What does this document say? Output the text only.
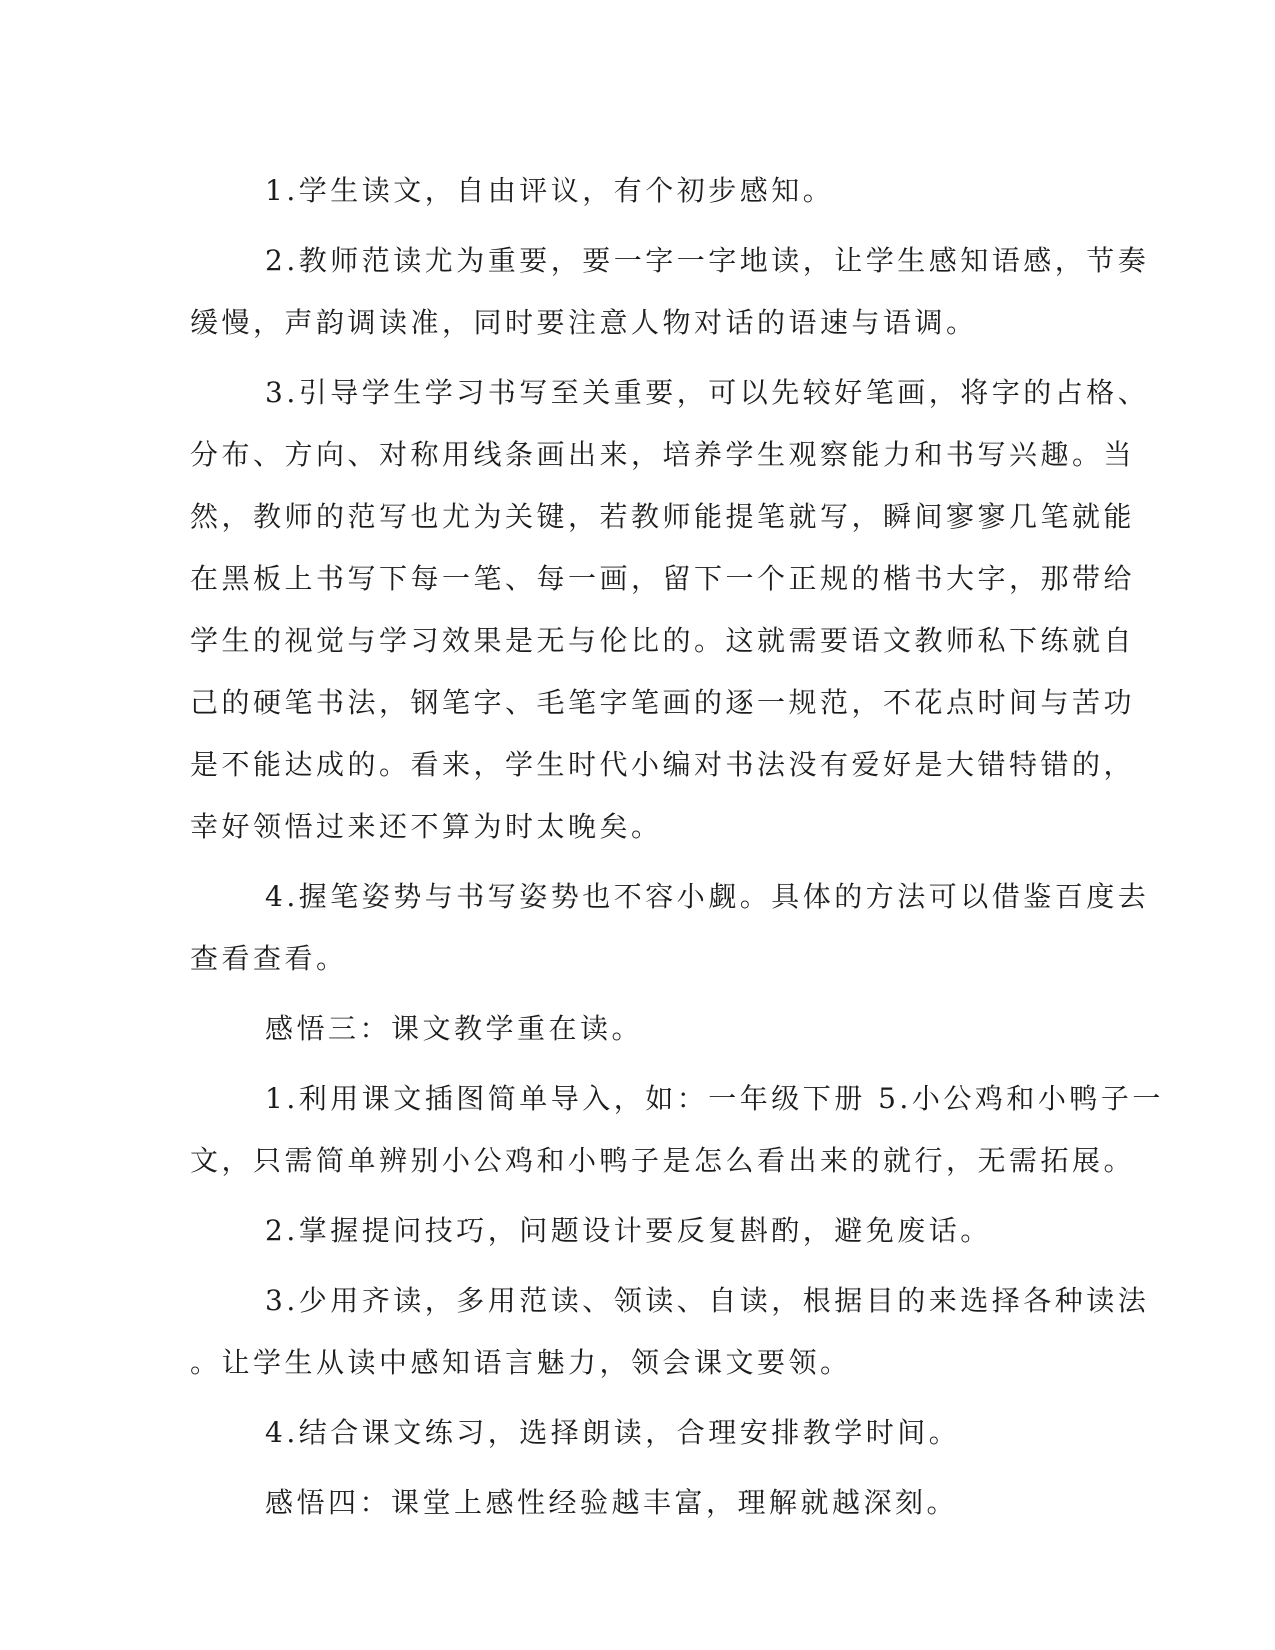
1.学生读文，自由评议，有个初步感知。

2.教师范读尤为重要，要一字一字地读，让学生感知语感，节奏
缓慢，声韵调读准，同时要注意人物对话的语速与语调。

3.引导学生学习书写至关重要，可以先较好笔画，将字的占格、
分布、方向、对称用线条画出来，培养学生观察能力和书写兴趣。当
然，教师的范写也尤为关键，若教师能提笔就写，瞬间寥寥几笔就能
在黑板上书写下每一笔、每一画，留下一个正规的楷书大字，那带给
学生的视觉与学习效果是无与伦比的。这就需要语文教师私下练就自
己的硬笔书法，钢笔字、毛笔字笔画的逐一规范，不花点时间与苦功
是不能达成的。看来，学生时代小编对书法没有爱好是大错特错的，
幸好领悟过来还不算为时太晚矣。

4.握笔姿势与书写姿势也不容小觑。具体的方法可以借鉴百度去
查看查看。

感悟三：课文教学重在读。

1.利用课文插图简单导入，如：一年级下册 5.小公鸡和小鸭子一
文，只需简单辨别小公鸡和小鸭子是怎么看出来的就行，无需拓展。

2.掌握提问技巧，问题设计要反复斟酌，避免废话。

3.少用齐读，多用范读、领读、自读，根据目的来选择各种读法
。让学生从读中感知语言魅力，领会课文要领。

4.结合课文练习，选择朗读，合理安排教学时间。

感悟四：课堂上感性经验越丰富，理解就越深刻。
